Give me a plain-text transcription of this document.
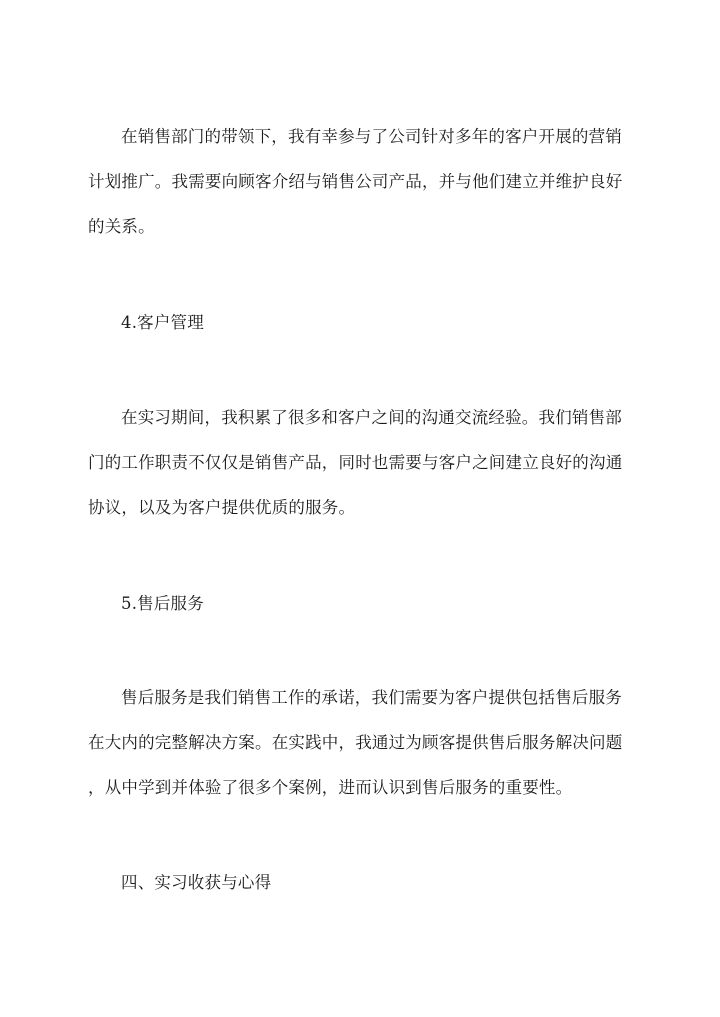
在销售部门的带领下，我有幸参与了公司针对多年的客户开展的营销
计划推广。我需要向顾客介绍与销售公司产品，并与他们建立并维护良好
的关系。
4.客户管理
在实习期间，我积累了很多和客户之间的沟通交流经验。我们销售部
门的工作职责不仅仅是销售产品，同时也需要与客户之间建立良好的沟通
协议，以及为客户提供优质的服务。
5.售后服务
售后服务是我们销售工作的承诺，我们需要为客户提供包括售后服务
在大内的完整解决方案。在实践中，我通过为顾客提供售后服务解决问题
，从中学到并体验了很多个案例，进而认识到售后服务的重要性。
四、实习收获与心得
